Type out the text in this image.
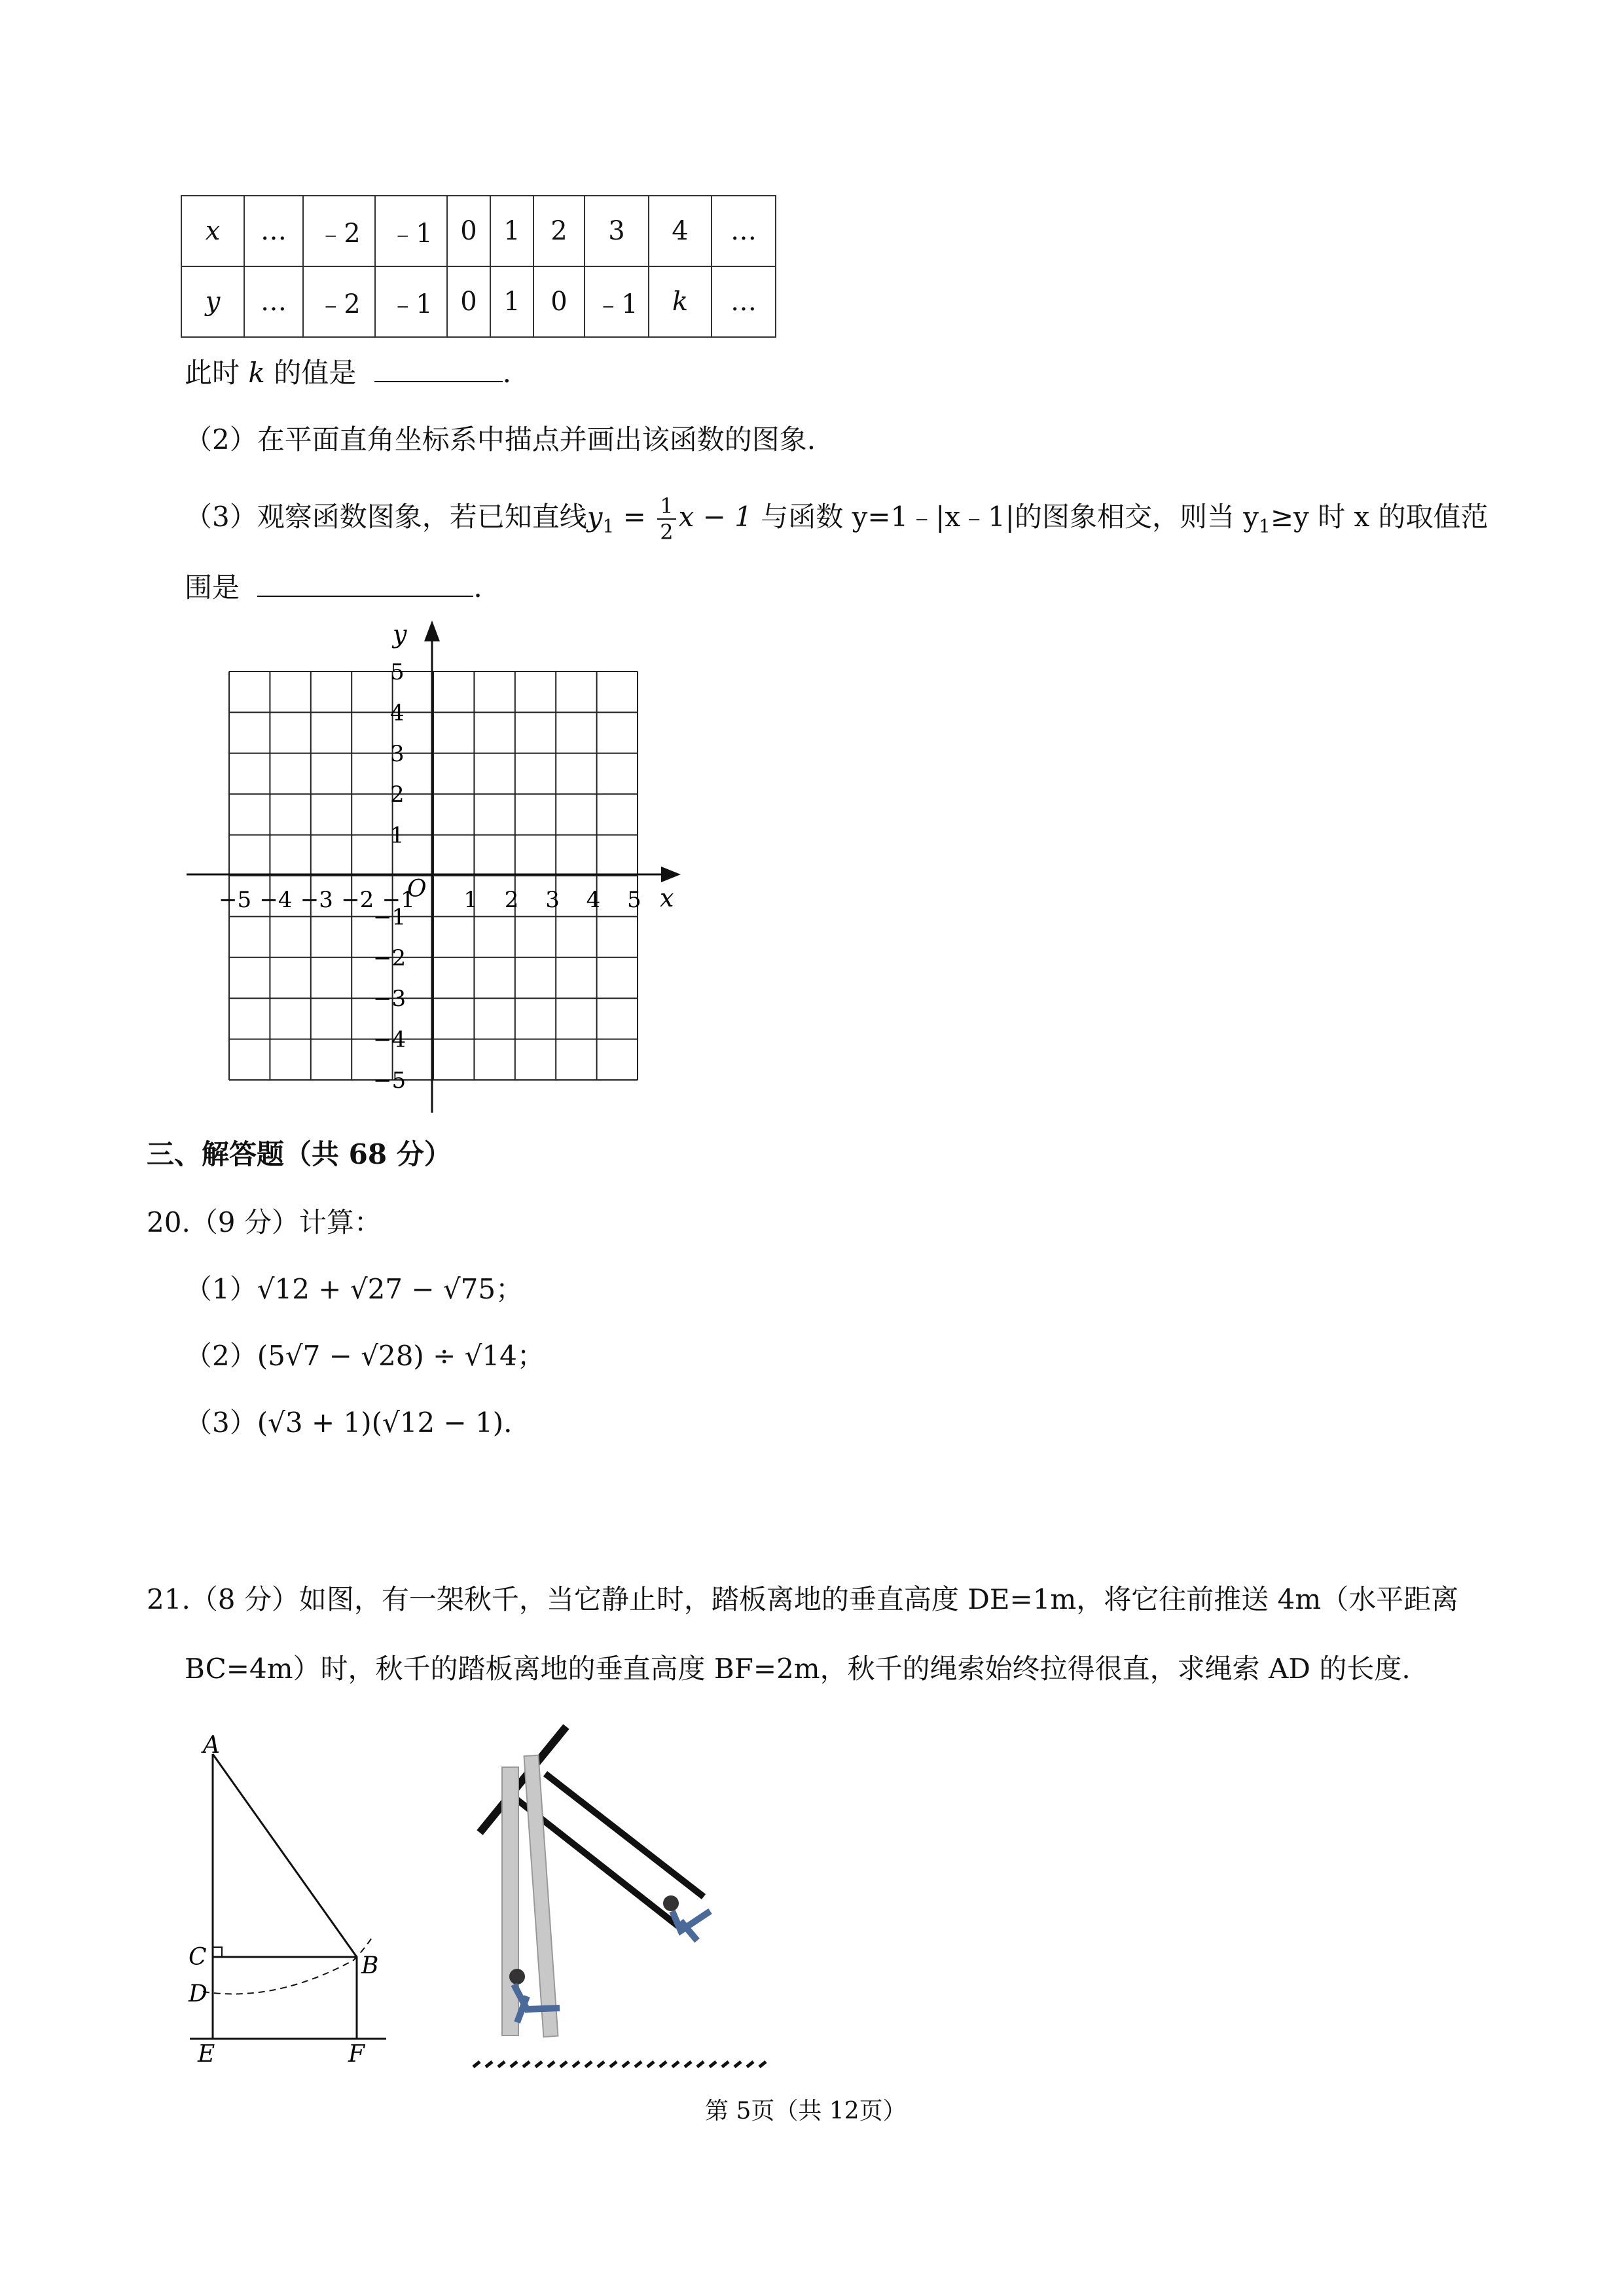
x	…	﹣2	﹣1	0	1	2	3	4	…
y	…	﹣2	﹣1	0	1	0	﹣1	k	…
此时 k 的值是	.
（2）在平面直角坐标系中描点并画出该函数的图象.
（3）观察函数图象，若已知直线$y_1 = \frac{1}{2}$ x − 1 与函数 y=1﹣|x﹣1|的图象相交，则当 $y_1\ge y$ 时 x 的取值范
围是	.
y
x
O
−5 −4 −3 −2 −1 1 2 3 4 5
5
4
3
2
1
−1
−2
−3
−4
−5
三、解答题（共 68 分）
20.（9 分）计算：
（1）√12 + √27 − √75；
（2）(5√7 − √28) ÷ √14；
（3）(√3 + 1)(√12 − 1).
21.（8 分）如图，有一架秋千，当它静止时，踏板离地的垂直高度 DE=1m，将它往前推送 4m（水平距离
BC=4m）时，秋千的踏板离地的垂直高度 BF=2m，秋千的绳索始终拉得很直，求绳索 AD 的长度.
A
C	B
D
E	F
第 5页（共 12页）
